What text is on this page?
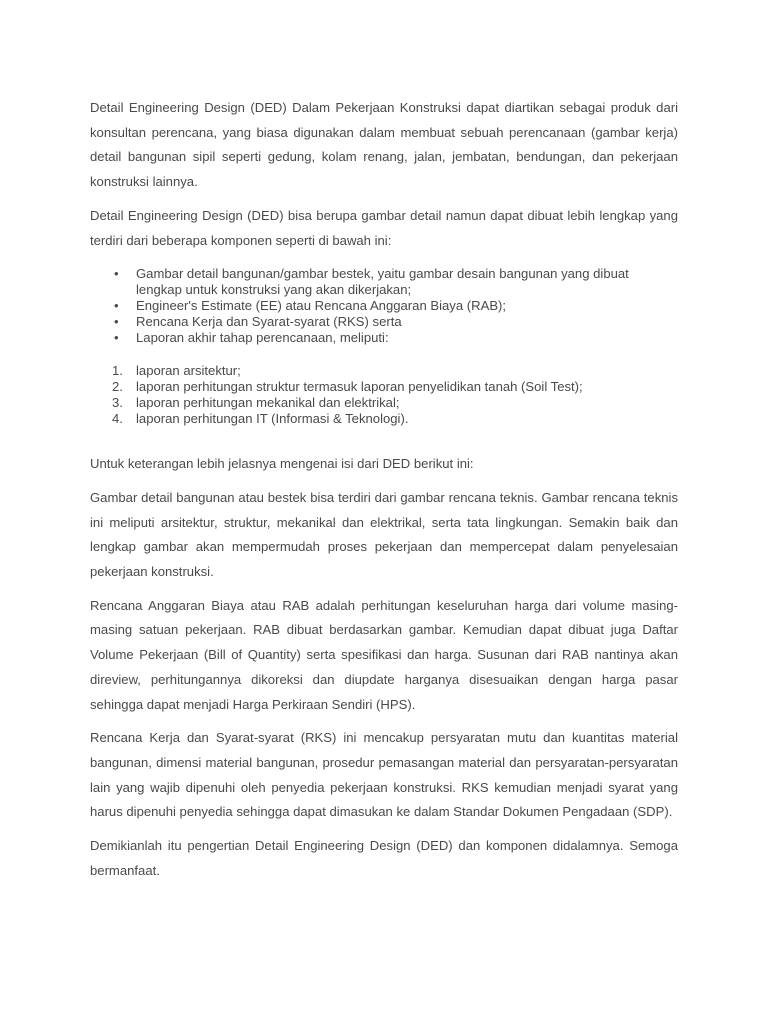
Detail Engineering Design (DED) Dalam Pekerjaan Konstruksi dapat diartikan sebagai produk dari konsultan perencana, yang biasa digunakan dalam membuat sebuah perencanaan (gambar kerja) detail bangunan sipil seperti gedung, kolam renang, jalan, jembatan, bendungan, dan pekerjaan konstruksi lainnya.

Detail Engineering Design (DED) bisa berupa gambar detail namun dapat dibuat lebih lengkap yang terdiri dari beberapa komponen seperti di bawah ini:

• Gambar detail bangunan/gambar bestek, yaitu gambar desain bangunan yang dibuat lengkap untuk konstruksi yang akan dikerjakan;
• Engineer's Estimate (EE) atau Rencana Anggaran Biaya (RAB);
• Rencana Kerja dan Syarat-syarat (RKS) serta
• Laporan akhir tahap perencanaan, meliputi:
1. laporan arsitektur;
2. laporan perhitungan struktur termasuk laporan penyelidikan tanah (Soil Test);
3. laporan perhitungan mekanikal dan elektrikal;
4. laporan perhitungan IT (Informasi & Teknologi).

Untuk keterangan lebih jelasnya mengenai isi dari DED berikut ini:

Gambar detail bangunan atau bestek bisa terdiri dari gambar rencana teknis. Gambar rencana teknis ini meliputi arsitektur, struktur, mekanikal dan elektrikal, serta tata lingkungan. Semakin baik dan lengkap gambar akan mempermudah proses pekerjaan dan mempercepat dalam penyelesaian pekerjaan konstruksi.

Rencana Anggaran Biaya atau RAB adalah perhitungan keseluruhan harga dari volume masing-masing satuan pekerjaan. RAB dibuat berdasarkan gambar. Kemudian dapat dibuat juga Daftar Volume Pekerjaan (Bill of Quantity) serta spesifikasi dan harga. Susunan dari RAB nantinya akan direview, perhitungannya dikoreksi dan diupdate harganya disesuaikan dengan harga pasar sehingga dapat menjadi Harga Perkiraan Sendiri (HPS).

Rencana Kerja dan Syarat-syarat (RKS) ini mencakup persyaratan mutu dan kuantitas material bangunan, dimensi material bangunan, prosedur pemasangan material dan persyaratan-persyaratan lain yang wajib dipenuhi oleh penyedia pekerjaan konstruksi. RKS kemudian menjadi syarat yang harus dipenuhi penyedia sehingga dapat dimasukan ke dalam Standar Dokumen Pengadaan (SDP).

Demikianlah itu pengertian Detail Engineering Design (DED) dan komponen didalamnya. Semoga bermanfaat.
